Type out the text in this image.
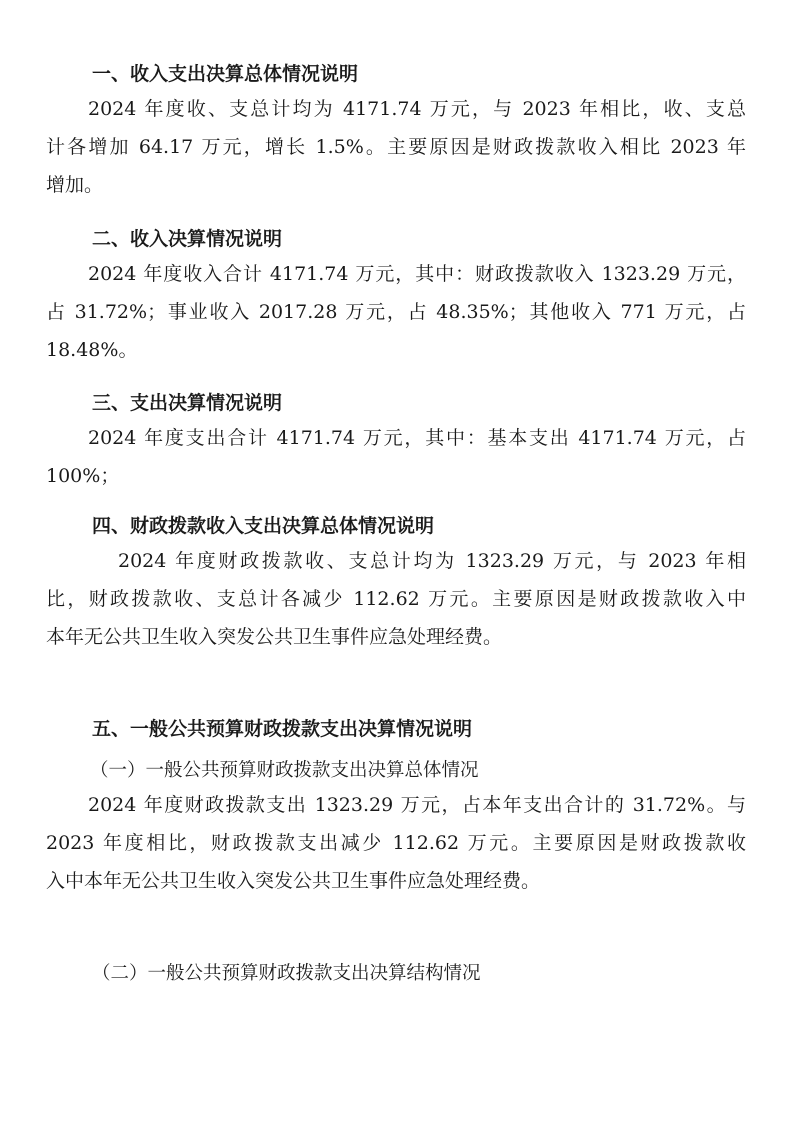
一、收入支出决算总体情况说明
2024 年度收、支总计均为 4171.74 万元，与 2023 年相比，收、支总
计各增加 64.17 万元，增长 1.5%。主要原因是财政拨款收入相比 2023 年
增加。
二、收入决算情况说明
2024 年度收入合计 4171.74 万元，其中：财政拨款收入 1323.29 万元，
占 31.72%；事业收入 2017.28 万元，占 48.35%；其他收入 771 万元，占
18.48%。
三、支出决算情况说明
2024 年度支出合计 4171.74 万元，其中：基本支出 4171.74 万元，占
100%；
四、财政拨款收入支出决算总体情况说明
2024 年度财政拨款收、支总计均为 1323.29 万元，与 2023 年相
比，财政拨款收、支总计各减少 112.62 万元。主要原因是财政拨款收入中
本年无公共卫生收入突发公共卫生事件应急处理经费。
五、一般公共预算财政拨款支出决算情况说明
（一）一般公共预算财政拨款支出决算总体情况
2024 年度财政拨款支出 1323.29 万元，占本年支出合计的 31.72%。与
2023 年度相比，财政拨款支出减少 112.62 万元。主要原因是财政拨款收
入中本年无公共卫生收入突发公共卫生事件应急处理经费。
（二）一般公共预算财政拨款支出决算结构情况
